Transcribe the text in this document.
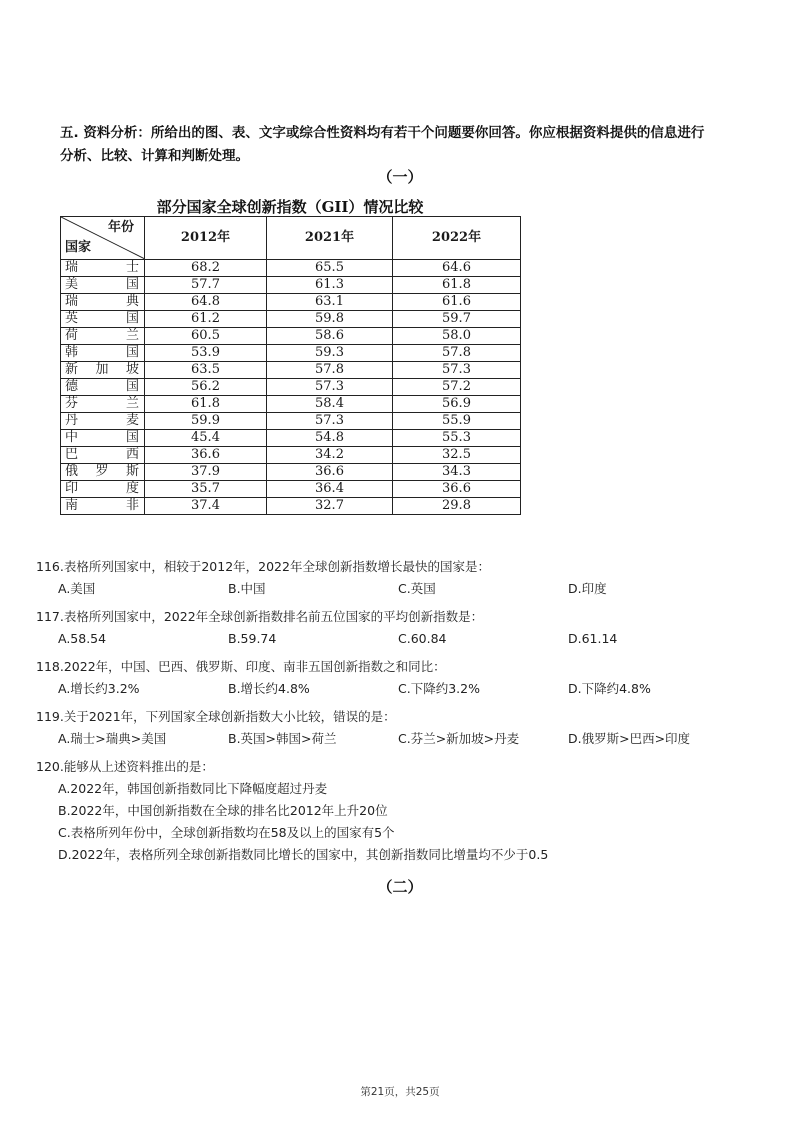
五. 资料分析：所给出的图、表、文字或综合性资料均有若干个问题要你回答。你应根据资料提供的信息进行
分析、比较、计算和判断处理。
（一）
部分国家全球创新指数（GII）情况比较
年份
国家	2012年	2021年	2022年

瑞士	68.2	65.5	64.6

美国	57.7	61.3	61.8

瑞典	64.8	63.1	61.6

英国	61.2	59.8	59.7

荷兰	60.5	58.6	58.0

韩国	53.9	59.3	57.8

新加坡	63.5	57.8	57.3

德国	56.2	57.3	57.2

芬兰	61.8	58.4	56.9

丹麦	59.9	57.3	55.9

中国	45.4	54.8	55.3

巴西	36.6	34.2	32.5

俄罗斯	37.9	36.6	34.3

印度	35.7	36.4	36.6

南非	37.4	32.7	29.8
116.表格所列国家中，相较于2012年，2022年全球创新指数增长最快的国家是：
A.美国	B.中国	C.英国	D.印度
117.表格所列国家中，2022年全球创新指数排名前五位国家的平均创新指数是：
A.58.54	B.59.74	C.60.84	D.61.14
118.2022年，中国、巴西、俄罗斯、印度、南非五国创新指数之和同比：
A.增长约3.2%	B.增长约4.8%	C.下降约3.2%	D.下降约4.8%
119.关于2021年，下列国家全球创新指数大小比较，错误的是：
A.瑞士>瑞典>美国	B.英国>韩国>荷兰	C.芬兰>新加坡>丹麦	D.俄罗斯>巴西>印度
120.能够从上述资料推出的是：
A.2022年，韩国创新指数同比下降幅度超过丹麦
B.2022年，中国创新指数在全球的排名比2012年上升20位
C.表格所列年份中，全球创新指数均在58及以上的国家有5个
D.2022年，表格所列全球创新指数同比增长的国家中，其创新指数同比增量均不少于0.5
（二）
第21页，共25页
